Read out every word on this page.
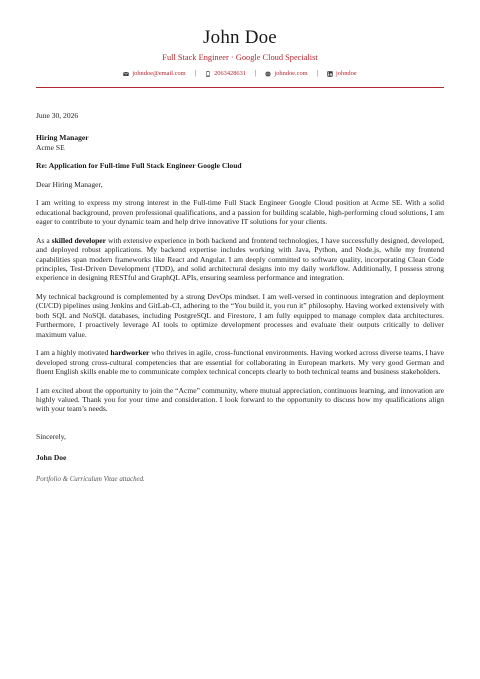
John Doe
Full Stack Engineer · Google Cloud Specialist
johndoe@email.com |	2063428631 |	johndoe.com |	johndoe
June 30, 2026
Hiring Manager
Acme SE
Re: Application for Full-time Full Stack Engineer Google Cloud
Dear Hiring Manager,

I am writing to express my strong interest in the Full-time Full Stack Engineer Google Cloud position at Acme SE. With a solid educational background, proven professional qualifications, and a passion for building scalable, high-performing cloud solutions, I am eager to contribute to your dynamic team and help drive innovative IT solutions for your clients.

As a skilled developer with extensive experience in both backend and frontend technologies, I have successfully designed, developed, and deployed robust applications. My backend expertise includes working with Java, Python, and Node.js, while my frontend capabilities span modern frameworks like React and Angular. I am deeply committed to software quality, incorporating Clean Code principles, Test-Driven Development (TDD), and solid architectural designs into my daily workflow. Additionally, I possess strong experience in designing RESTful and GraphQL APIs, ensuring seamless performance and integration.

My technical background is complemented by a strong DevOps mindset. I am well-versed in continuous integration and deployment (CI/CD) pipelines using Jenkins and GitLab-CI, adhering to the “You build it, you run it” philosophy. Having worked extensively with both SQL and NoSQL databases, including PostgreSQL and Firestore, I am fully equipped to manage complex data architectures. Furthermore, I proactively leverage AI tools to optimize development processes and evaluate their outputs critically to deliver maximum value.

I am a highly motivated hardworker who thrives in agile, cross-functional environments. Having worked across diverse teams, I have developed strong cross-cultural competencies that are essential for collaborating in European markets. My very good German and fluent English skills enable me to communicate complex technical concepts clearly to both technical teams and business stakeholders.

I am excited about the opportunity to join the “Acme” community, where mutual appreciation, continuous learning, and innovation are highly valued. Thank you for your time and consideration. I look forward to the opportunity to discuss how my qualifications align with your team’s needs.

Sincerely,
John Doe
Portfolio & Curriculum Vitae attached.
